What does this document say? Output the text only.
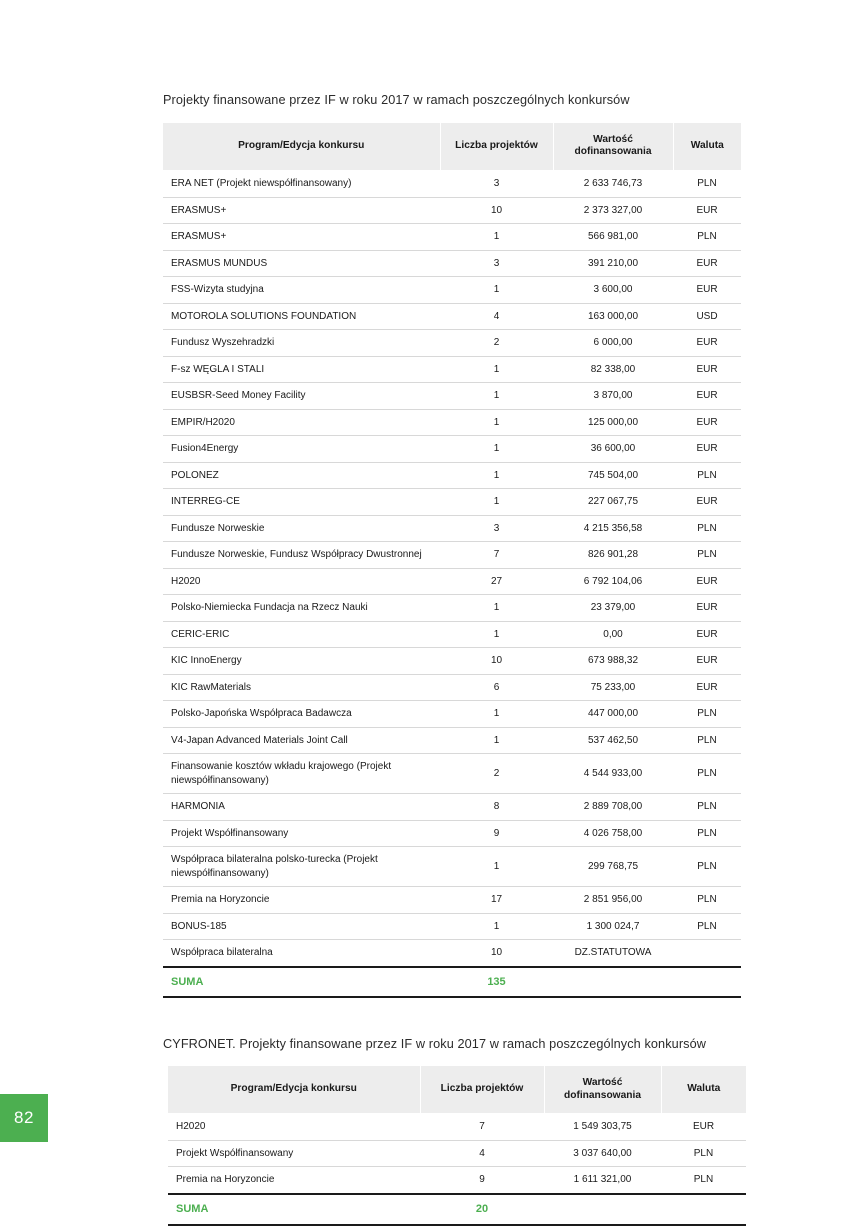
82

Projekty finansowane przez IF w roku 2017 w ramach poszczególnych konkursów

Program/Edycja konkursu	Liczba projektów	Wartość dofinansowania	Waluta
ERA NET (Projekt niewspółfinansowany)	3	2 633 746,73	PLN
ERASMUS+	10	2 373 327,00	EUR
ERASMUS+	1	566 981,00	PLN
ERASMUS MUNDUS	3	391 210,00	EUR
FSS-Wizyta studyjna	1	3 600,00	EUR
MOTOROLA SOLUTIONS FOUNDATION	4	163 000,00	USD
Fundusz Wyszehradzki	2	6 000,00	EUR
F-sz WĘGLA I STALI	1	82 338,00	EUR
EUSBSR-Seed Money Facility	1	3 870,00	EUR
EMPIR/H2020	1	125 000,00	EUR
Fusion4Energy	1	36 600,00	EUR
POLONEZ	1	745 504,00	PLN
INTERREG-CE	1	227 067,75	EUR
Fundusze Norweskie	3	4 215 356,58	PLN
Fundusze Norweskie, Fundusz Współpracy Dwustronnej	7	826 901,28	PLN
H2020	27	6 792 104,06	EUR
Polsko-Niemiecka Fundacja na Rzecz Nauki	1	23 379,00	EUR
CERIC-ERIC	1	0,00	EUR
KIC InnoEnergy	10	673 988,32	EUR
KIC RawMaterials	6	75 233,00	EUR
Polsko-Japońska Współpraca Badawcza	1	447 000,00	PLN
V4-Japan Advanced Materials Joint Call	1	537 462,50	PLN
Finansowanie kosztów wkładu krajowego (Projekt niewspółfinansowany)	2	4 544 933,00	PLN
HARMONIA	8	2 889 708,00	PLN
Projekt Współfinansowany	9	4 026 758,00	PLN
Współpraca bilateralna polsko-turecka (Projekt niewspółfinansowany)	1	299 768,75	PLN
Premia na Horyzoncie	17	2 851 956,00	PLN
BONUS-185	1	1 300 024,7	PLN
Współpraca bilateralna	10	DZ.STATUTOWA	
SUMA	135		

CYFRONET. Projekty finansowane przez IF w roku 2017 w ramach poszczególnych konkursów

Program/Edycja konkursu	Liczba projektów	Wartość dofinansowania	Waluta
H2020	7	1 549 303,75	EUR
Projekt Współfinansowany	4	3 037 640,00	PLN
Premia na Horyzoncie	9	1 611 321,00	PLN
SUMA	20		
